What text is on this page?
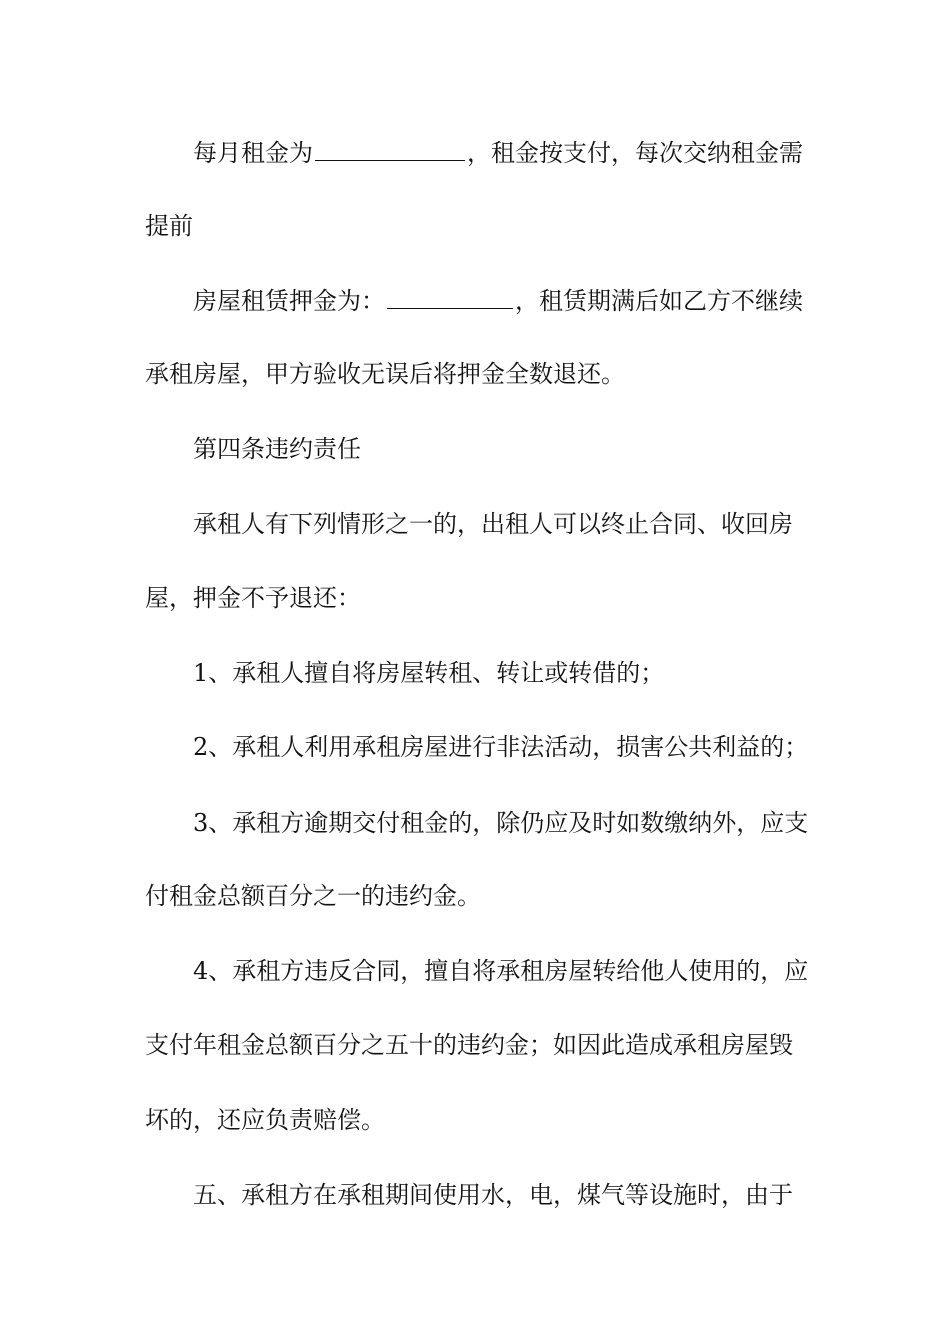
每月租金为	，租金按支付，每次交纳租金需
提前
房屋租赁押金为：	，租赁期满后如乙方不继续
承租房屋，甲方验收无误后将押金全数退还。
第四条违约责任
承租人有下列情形之一的，出租人可以终止合同、收回房
屋，押金不予退还：
1、承租人擅自将房屋转租、转让或转借的；
2、承租人利用承租房屋进行非法活动，损害公共利益的；
3、承租方逾期交付租金的，除仍应及时如数缴纳外，应支
付租金总额百分之一的违约金。
4、承租方违反合同，擅自将承租房屋转给他人使用的，应
支付年租金总额百分之五十的违约金；如因此造成承租房屋毁
坏的，还应负责赔偿。
五、承租方在承租期间使用水，电，煤气等设施时，由于
